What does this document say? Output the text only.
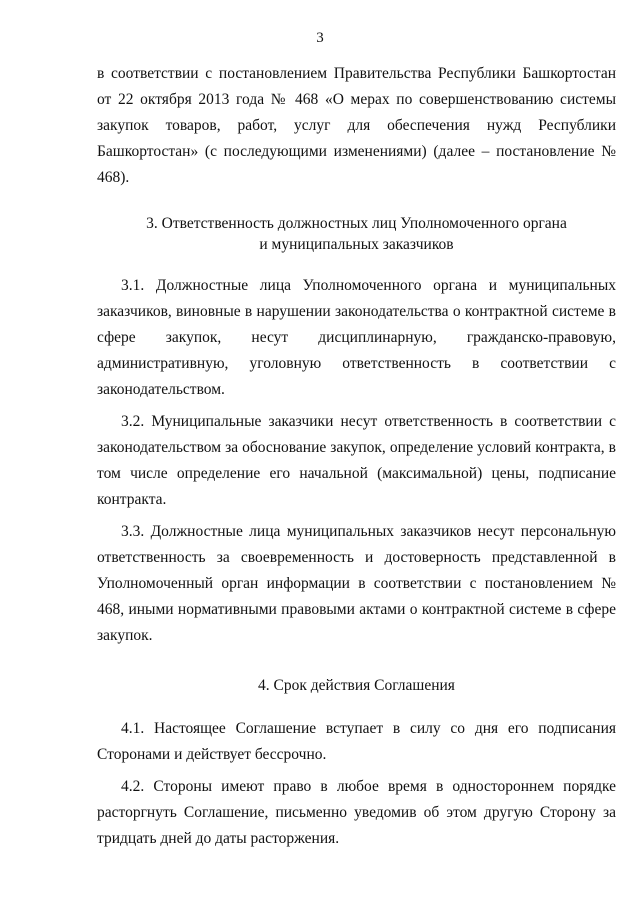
3

в соответствии с постановлением Правительства Республики Башкортостан от 22 октября 2013 года № 468 «О мерах по совершенствованию системы закупок товаров, работ, услуг для обеспечения нужд Республики Башкортостан» (с последующими изменениями) (далее – постановление № 468).

3. Ответственность должностных лиц Уполномоченного органа
и муниципальных заказчиков

3.1. Должностные лица Уполномоченного органа и муниципальных заказчиков, виновные в нарушении законодательства о контрактной системе в сфере закупок, несут дисциплинарную, гражданско-правовую, административную, уголовную ответственность в соответствии с законодательством.

3.2. Муниципальные заказчики несут ответственность в соответствии с законодательством за обоснование закупок, определение условий контракта, в том числе определение его начальной (максимальной) цены, подписание контракта.

3.3. Должностные лица муниципальных заказчиков несут персональную ответственность за своевременность и достоверность представленной в Уполномоченный орган информации в соответствии с постановлением № 468, иными нормативными правовыми актами о контрактной системе в сфере закупок.

4. Срок действия Соглашения

4.1. Настоящее Соглашение вступает в силу со дня его подписания Сторонами и действует бессрочно.

4.2. Стороны имеют право в любое время в одностороннем порядке расторгнуть Соглашение, письменно уведомив об этом другую Сторону за тридцать дней до даты расторжения.
